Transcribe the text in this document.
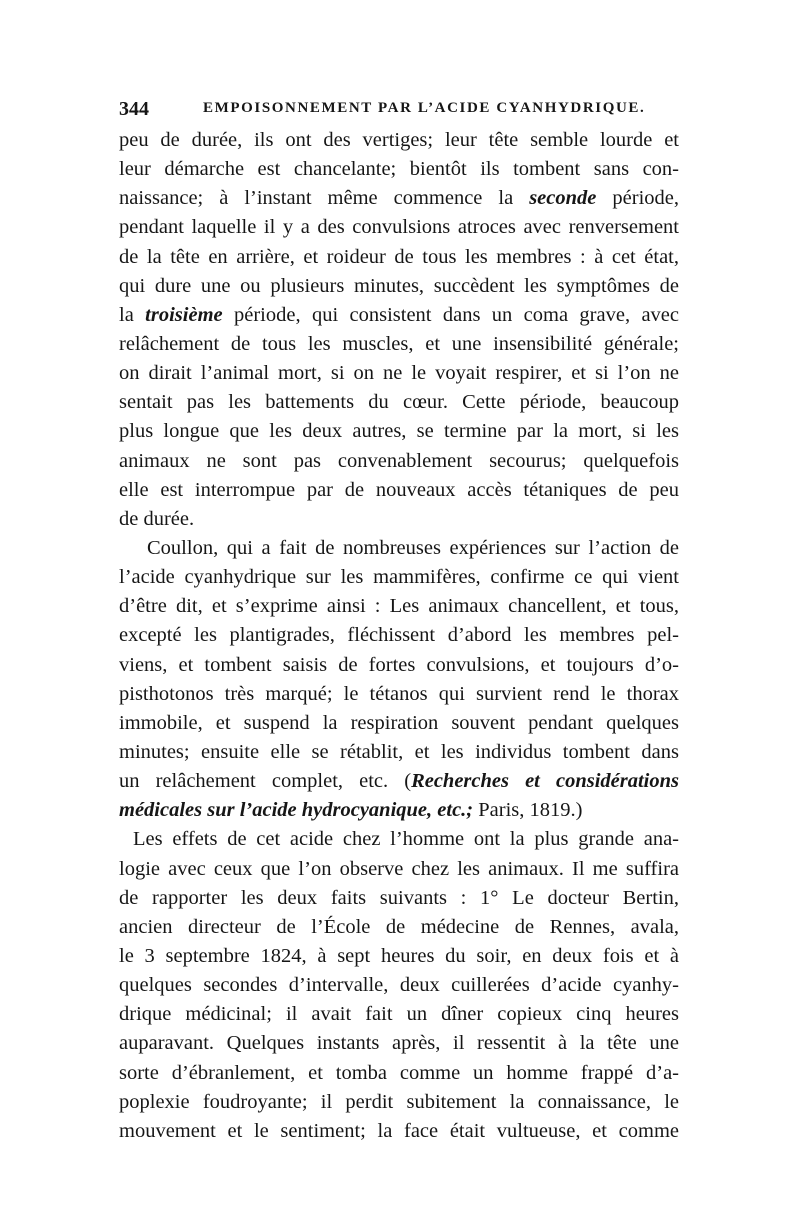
344	EMPOISONNEMENT PAR L’ACIDE CYANHYDRIQUE.
peu de durée, ils ont des vertiges; leur tête semble lourde et
leur démarche est chancelante; bientôt ils tombent sans con-
naissance; à l’instant même commence la seconde période,
pendant laquelle il y a des convulsions atroces avec renversement
de la tête en arrière, et roideur de tous les membres : à cet état,
qui dure une ou plusieurs minutes, succèdent les symptômes de
la troisième période, qui consistent dans un coma grave, avec
relâchement de tous les muscles, et une insensibilité générale;
on dirait l’animal mort, si on ne le voyait respirer, et si l’on ne
sentait pas les battements du cœur. Cette période, beaucoup
plus longue que les deux autres, se termine par la mort, si les
animaux ne sont pas convenablement secourus; quelquefois
elle est interrompue par de nouveaux accès tétaniques de peu
de durée.
Coullon, qui a fait de nombreuses expériences sur l’action de
l’acide cyanhydrique sur les mammifères, confirme ce qui vient
d’être dit, et s’exprime ainsi : Les animaux chancellent, et tous,
excepté les plantigrades, fléchissent d’abord les membres pel-
viens, et tombent saisis de fortes convulsions, et toujours d’o-
pisthotonos très marqué; le tétanos qui survient rend le thorax
immobile, et suspend la respiration souvent pendant quelques
minutes; ensuite elle se rétablit, et les individus tombent dans
un relâchement complet, etc. (Recherches et considérations
médicales sur l’acide hydrocyanique, etc.; Paris, 1819.)
Les effets de cet acide chez l’homme ont la plus grande ana-
logie avec ceux que l’on observe chez les animaux. Il me suffira
de rapporter les deux faits suivants : 1° Le docteur Bertin,
ancien directeur de l’École de médecine de Rennes, avala,
le 3 septembre 1824, à sept heures du soir, en deux fois et à
quelques secondes d’intervalle, deux cuillerées d’acide cyanhy-
drique médicinal; il avait fait un dîner copieux cinq heures
auparavant. Quelques instants après, il ressentit à la tête une
sorte d’ébranlement, et tomba comme un homme frappé d’a-
poplexie foudroyante; il perdit subitement la connaissance, le
mouvement et le sentiment; la face était vultueuse, et comme
